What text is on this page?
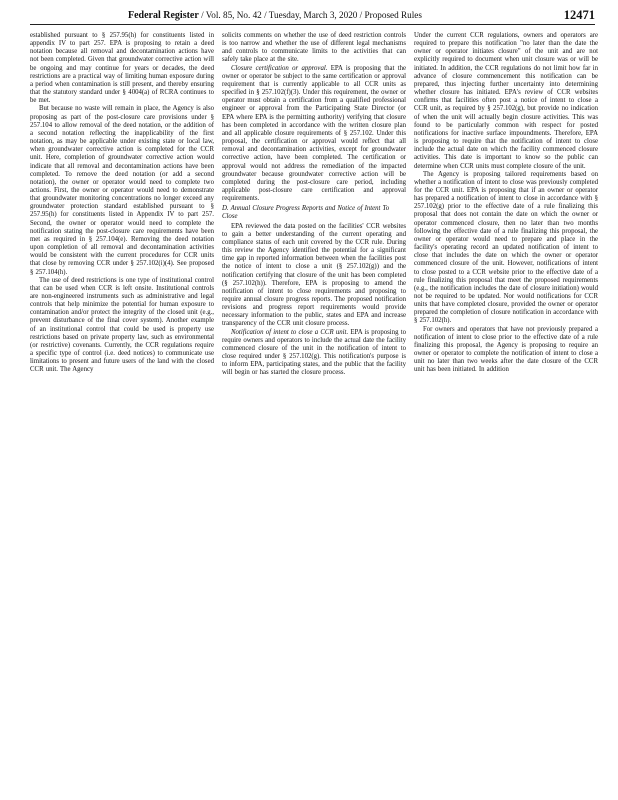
Federal Register / Vol. 85, No. 42 / Tuesday, March 3, 2020 / Proposed Rules	12471

established pursuant to § 257.95(h) for constituents listed in appendix IV to part 257. EPA is proposing to retain a deed notation because all removal and decontamination actions have not been completed. Given that groundwater corrective action will be ongoing and may continue for years or decades, the deed restrictions are a practical way of limiting human exposure during a period when contamination is still present, and thereby ensuring that the statutory standard under § 4004(a) of RCRA continues to be met.

But because no waste will remain in place, the Agency is also proposing as part of the post-closure care provisions under § 257.104 to allow removal of the deed notation, or the addition of a second notation reflecting the inapplicability of the first notation, as may be applicable under existing state or local law, when groundwater corrective action is completed for the CCR unit. Here, completion of groundwater corrective action would indicate that all removal and decontamination actions have been completed. To remove the deed notation (or add a second notation), the owner or operator would need to complete two actions. First, the owner or operator would need to demonstrate that groundwater monitoring concentrations no longer exceed any groundwater protection standard established pursuant to § 257.95(h) for constituents listed in Appendix IV to part 257. Second, the owner or operator would need to complete the notification stating the post-closure care requirements have been met as required in § 257.104(e). Removing the deed notation upon completion of all removal and decontamination activities would be consistent with the current procedures for CCR units that close by removing CCR under § 257.102(i)(4). See proposed § 257.104(h).

The use of deed restrictions is one type of institutional control that can be used when CCR is left onsite. Institutional controls are non-engineered instruments such as administrative and legal controls that help minimize the potential for human exposure to contamination and/or protect the integrity of the closed unit (e.g., prevent disturbance of the final cover system). Another example of an institutional control that could be used is property use restrictions based on private property law, such as environmental (or restrictive) covenants. Currently, the CCR regulations require a specific type of control (i.e. deed notices) to communicate use limitations to present and future users of the land with the closed CCR unit. The Agency

solicits comments on whether the use of deed restriction controls is too narrow and whether the use of different legal mechanisms and controls to communicate limits to the activities that can safely take place at the site.

Closure certification or approval. EPA is proposing that the owner or operator be subject to the same certification or approval requirement that is currently applicable to all CCR units as specified in § 257.102(f)(3). Under this requirement, the owner or operator must obtain a certification from a qualified professional engineer or approval from the Participating State Director (or EPA where EPA is the permitting authority) verifying that closure has been completed in accordance with the written closure plan and all applicable closure requirements of § 257.102. Under this proposal, the certification or approval would reflect that all removal and decontamination activities, except for groundwater corrective action, have been completed. The certification or approval would not address the remediation of the impacted groundwater because groundwater corrective action will be completed during the post-closure care period, including applicable post-closure care certification and approval requirements.

D. Annual Closure Progress Reports and Notice of Intent To Close

EPA reviewed the data posted on the facilities' CCR websites to gain a better understanding of the current operating and compliance status of each unit covered by the CCR rule. During this review the Agency identified the potential for a significant time gap in reported information between when the facilities post the notice of intent to close a unit (§ 257.102(g)) and the notification certifying that closure of the unit has been completed (§ 257.102(h)). Therefore, EPA is proposing to amend the notification of intent to close requirements and proposing to require annual closure progress reports. The proposed notification revisions and progress report requirements would provide necessary information to the public, states and EPA and increase transparency of the CCR unit closure process.

Notification of intent to close a CCR unit. EPA is proposing to require owners and operators to include the actual date the facility commenced closure of the unit in the notification of intent to close required under § 257.102(g). This notification's purpose is to inform EPA, participating states, and the public that the facility will begin or has started the closure process.

Under the current CCR regulations, owners and operators are required to prepare this notification "no later than the date the owner or operator initiates closure" of the unit and are not explicitly required to document when unit closure was or will be initiated. In addition, the CCR regulations do not limit how far in advance of closure commencement this notification can be prepared, thus injecting further uncertainty into determining whether closure has initiated. EPA's review of CCR websites confirms that facilities often post a notice of intent to close a CCR unit, as required by § 257.102(g), but provide no indication of when the unit will actually begin closure activities. This was found to be particularly common with respect for posted notifications for inactive surface impoundments. Therefore, EPA is proposing to require that the notification of intent to close include the actual date on which the facility commenced closure activities. This date is important to know so the public can determine when CCR units must complete closure of the unit.

The Agency is proposing tailored requirements based on whether a notification of intent to close was previously completed for the CCR unit. EPA is proposing that if an owner or operator has prepared a notification of intent to close in accordance with § 257.102(g) prior to the effective date of a rule finalizing this proposal that does not contain the date on which the owner or operator commenced closure, then no later than two months following the effective date of a rule finalizing this proposal, the owner or operator would need to prepare and place in the facility's operating record an updated notification of intent to close that includes the date on which the owner or operator commenced closure of the unit. However, notifications of intent to close posted to a CCR website prior to the effective date of a rule finalizing this proposal that meet the proposed requirements (e.g., the notification includes the date of closure initiation) would not be required to be updated. Nor would notifications for CCR units that have completed closure, provided the owner or operator prepared the completion of closure notification in accordance with § 257.102(h).

For owners and operators that have not previously prepared a notification of intent to close prior to the effective date of a rule finalizing this proposal, the Agency is proposing to require an owner or operator to complete the notification of intent to close a unit no later than two weeks after the date closure of the CCR unit has been initiated. In addition
